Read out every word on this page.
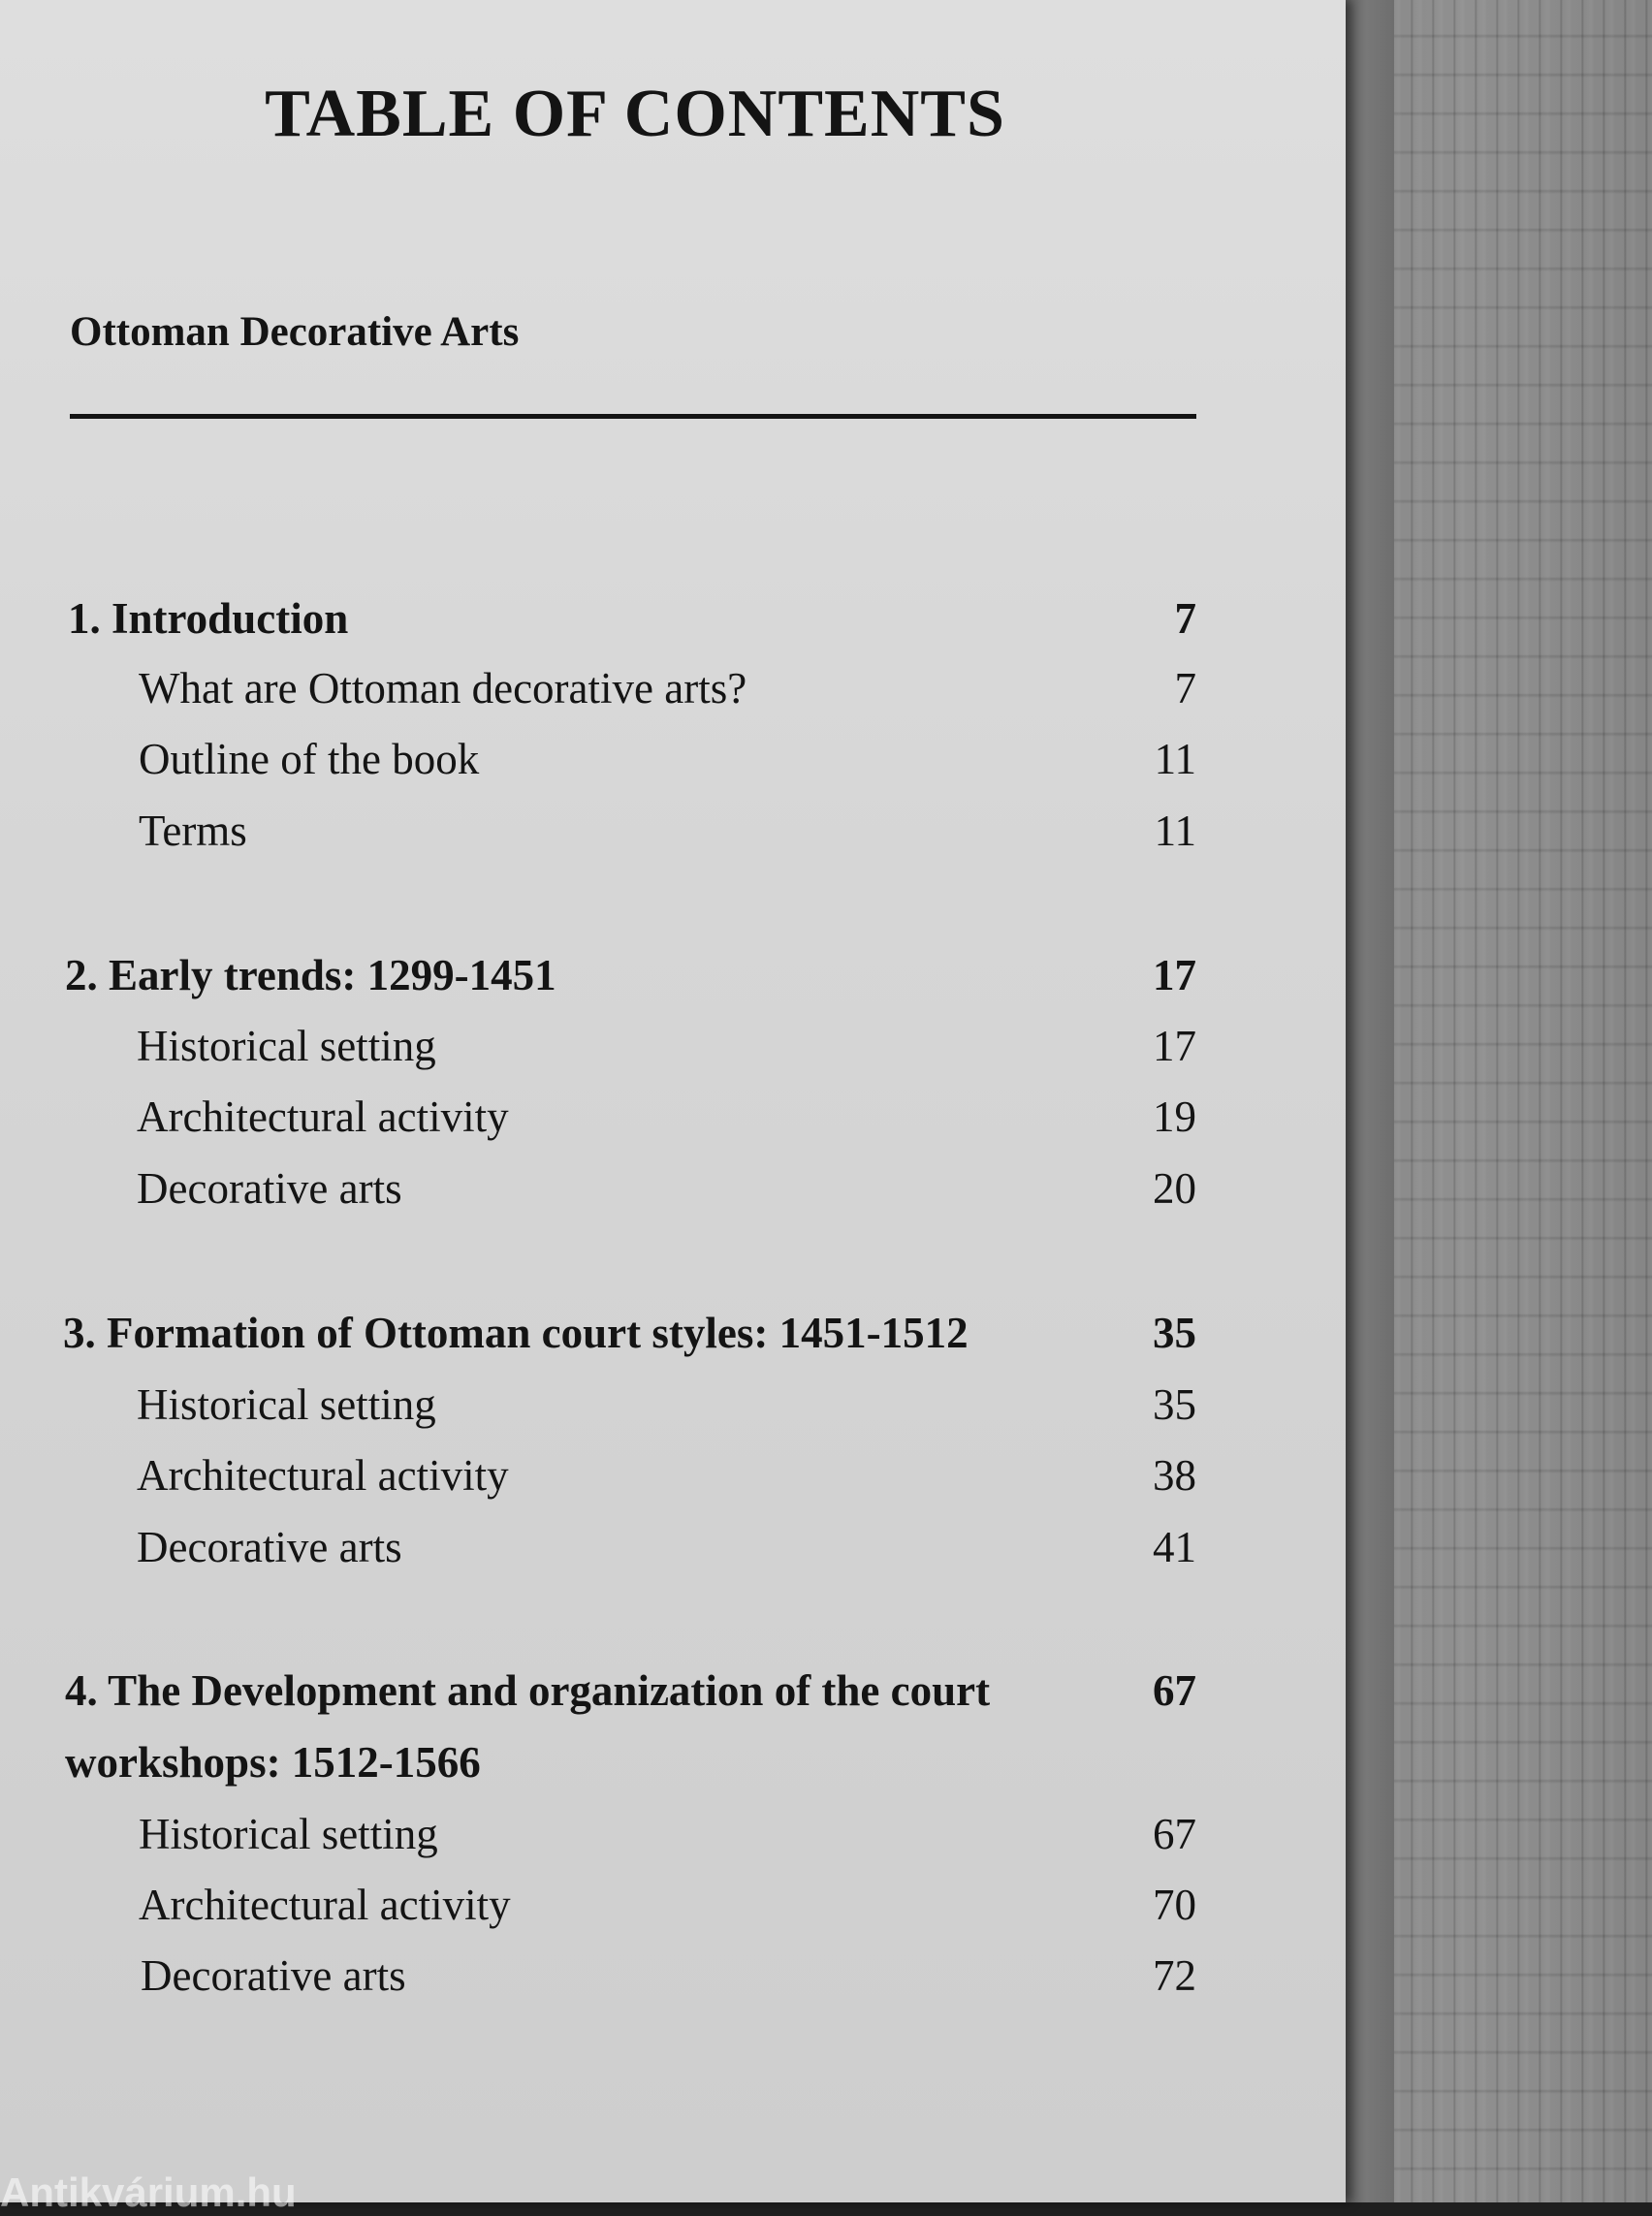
TABLE OF CONTENTS
Ottoman Decorative Arts
1. Introduction	7
What are Ottoman decorative arts?	7
Outline of the book	11
Terms	11
2. Early trends: 1299-1451	17
Historical setting	17
Architectural activity	19
Decorative arts	20
3. Formation of Ottoman court styles: 1451-1512	35
Historical setting	35
Architectural activity	38
Decorative arts	41
4. The Development and organization of the court	67
workshops: 1512-1566
Historical setting	67
Architectural activity	70
Decorative arts	72
Antikvárium.hu
